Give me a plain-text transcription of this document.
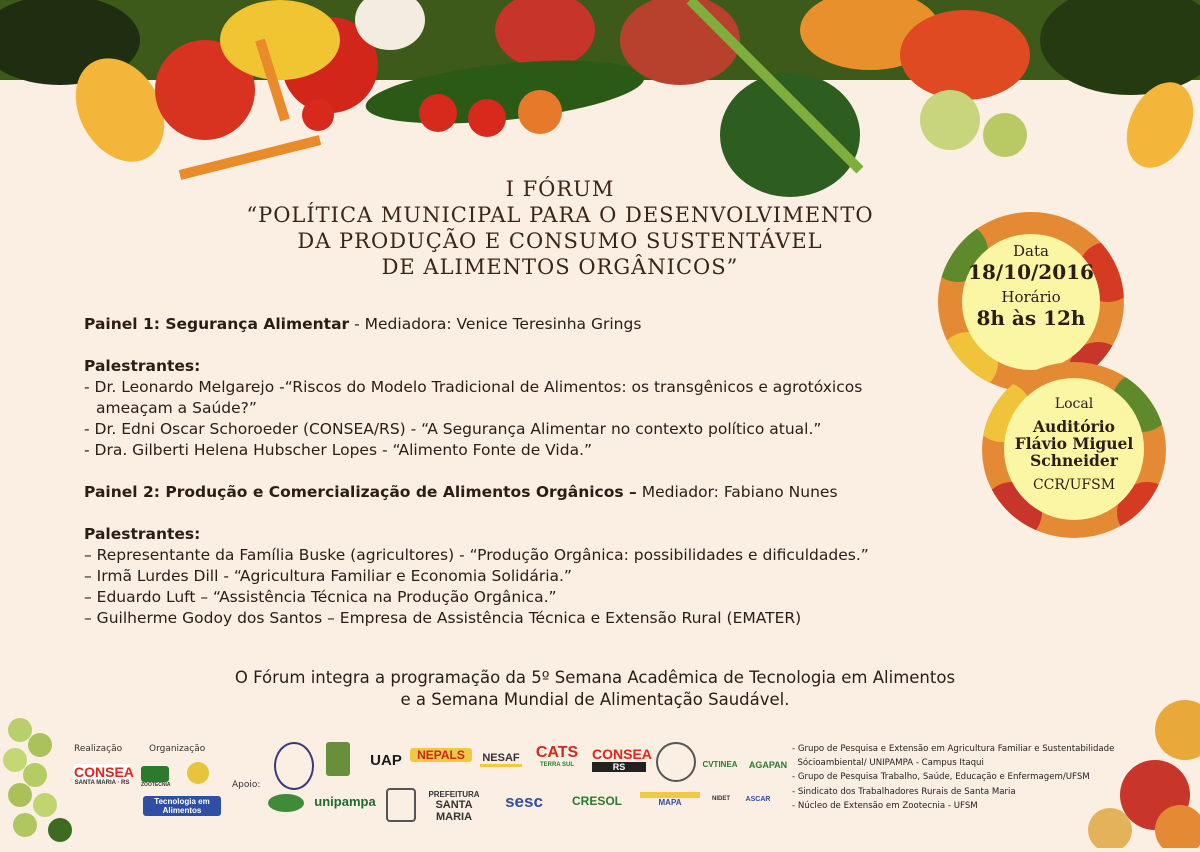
I FÓRUM
“POLÍTICA MUNICIPAL PARA O DESENVOLVIMENTO
DA PRODUÇÃO E CONSUMO SUSTENTÁVEL
DE ALIMENTOS ORGÂNICOS”
Data
18/10/2016
Horário
8h às 12h
Local
Auditório
Flávio Miguel
Schneider
CCR/UFSM
Painel 1: Segurança Alimentar - Mediadora: Venice Teresinha Grings
Palestrantes:
- Dr. Leonardo Melgarejo -“Riscos do Modelo Tradicional de Alimentos: os transgênicos e agrotóxicos
ameaçam a Saúde?”
- Dr. Edni Oscar Schoroeder (CONSEA/RS) - “A Segurança Alimentar no contexto político atual.”
- Dra. Gilberti Helena Hubscher Lopes - “Alimento Fonte de Vida.”
Painel 2: Produção e Comercialização de Alimentos Orgânicos – Mediador: Fabiano Nunes
Palestrantes:
– Representante da Família Buske (agricultores) - “Produção Orgânica: possibilidades e dificuldades.”
– Irmã Lurdes Dill - “Agricultura Familiar e Economia Solidária.”
– Eduardo Luft – “Assistência Técnica na Produção Orgânica.”
– Guilherme Godoy dos Santos – Empresa de Assistência Técnica e Extensão Rural (EMATER)
O Fórum integra a programação da 5º Semana Acadêmica de Tecnologia em Alimentos
e a Semana Mundial de Alimentação Saudável.
Realização	Organização
Apoio:
CONSEA
SANTA MARIA · RS ZOOTECNIA
Tecnologia em Alimentos
UAP	NEPALS	NESAF	CATS
TERRA SUL
CONSEA
RS	CVTINEA	AGAPAN
unipampa	PREFEITURA
SANTA MARIA
sesc	CRESOL	MAPA	NIDET	ASCAR
- Grupo de Pesquisa e Extensão em Agricultura Familiar e Sustentabilidade
Sócioambiental/ UNIPAMPA - Campus Itaqui
- Grupo de Pesquisa Trabalho, Saúde, Educação e Enfermagem/UFSM
- Sindicato dos Trabalhadores Rurais de Santa Maria
- Núcleo de Extensão em Zootecnia - UFSM
